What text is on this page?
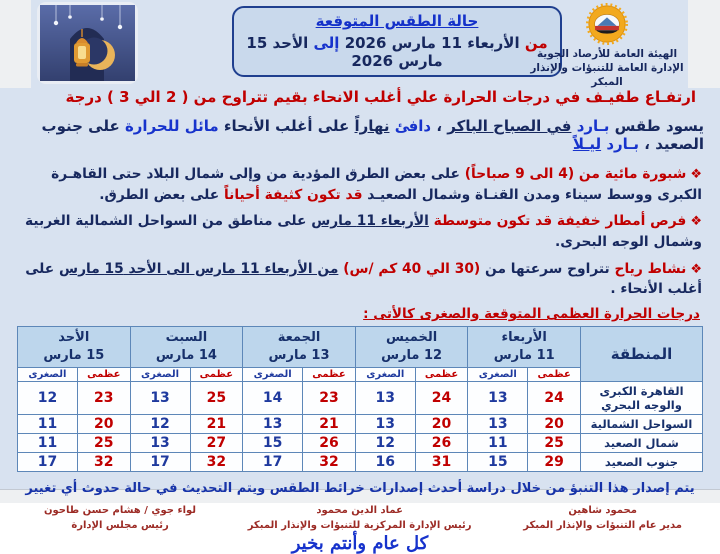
حالة الطقس المتوقعة
من الأربعاء 11 مارس 2026 إلى الأحد 15 مارس 2026	الهيئة العامة للأرصاد الجوية
الإدارة العامة للتنبؤات والإنذار المبكر

ارتفـاع طفيـف في درجات الحرارة علي أغلب الانحاء بقيم تتراوح من ( 2 الي 3 ) درجة

يسود طقس بـارد في الصباح الباكر ، دافئ نهاراً على أغلب الأنحاء مائل للحرارة على جنوب الصعيد ، بـارد ليـلاً

❖شبورة مائية من (4 الى 9 صباحاً) على بعض الطرق المؤدية من وإلى شمال البلاد حتى القاهـرة الكبرى ووسط سيناء ومدن القنـاة وشمال الصعيـد قد تكون كثيفة أحياناً على بعض الطرق.
❖فرص أمطار خفيفة قد تكون متوسطة الأربعاء 11 مارس على مناطق من السواحل الشمالية الغربية وشمال الوجه البحرى.
❖نشاط رياح تتراوح سرعتها من (30 الي 40 كم /س) من الأربعاء 11 مارس الى الأحد 15 مارس على أغلب الأنحاء .

درجات الحرارة العظمى المتوقعة والصغرى كالأتى :

المنطقة	
الأربعاء
11 مارس

الخميس
12 مارس

الجمعة
13 مارس

السبت
14 مارس

الأحد
15 مارس

	عظمى	الصغرى	عظمى	الصغرى	عظمى	الصغرى	عظمى	الصغرى	عظمى	الصغرى
القاهرة الكبرى والوجه البحري	24	13	24	13	23	14	25	13	23	12
السواحل الشمالية	20	13	20	13	21	13	21	12	20	11
شمال الصعيد	25	11	26	12	26	15	27	13	25	11
جنوب الصعيد	29	15	31	16	32	17	32	17	32	17

يتم إصدار هذا التنبؤ من خلال دراسة أحدث إصدارات خرائط الطقس ويتم التحديث في حالة حدوث أي تغيير

محمود شاهين
مدير عام التنبؤات والإنذار المبكر
عماد الدين محمود
رئيس الإدارة المركزية للتنبؤات والإنذار المبكر
لواء جوي / هشام حسن طاحون
رئيس مجلس الإدارة
كل عام وأنتم بخير
